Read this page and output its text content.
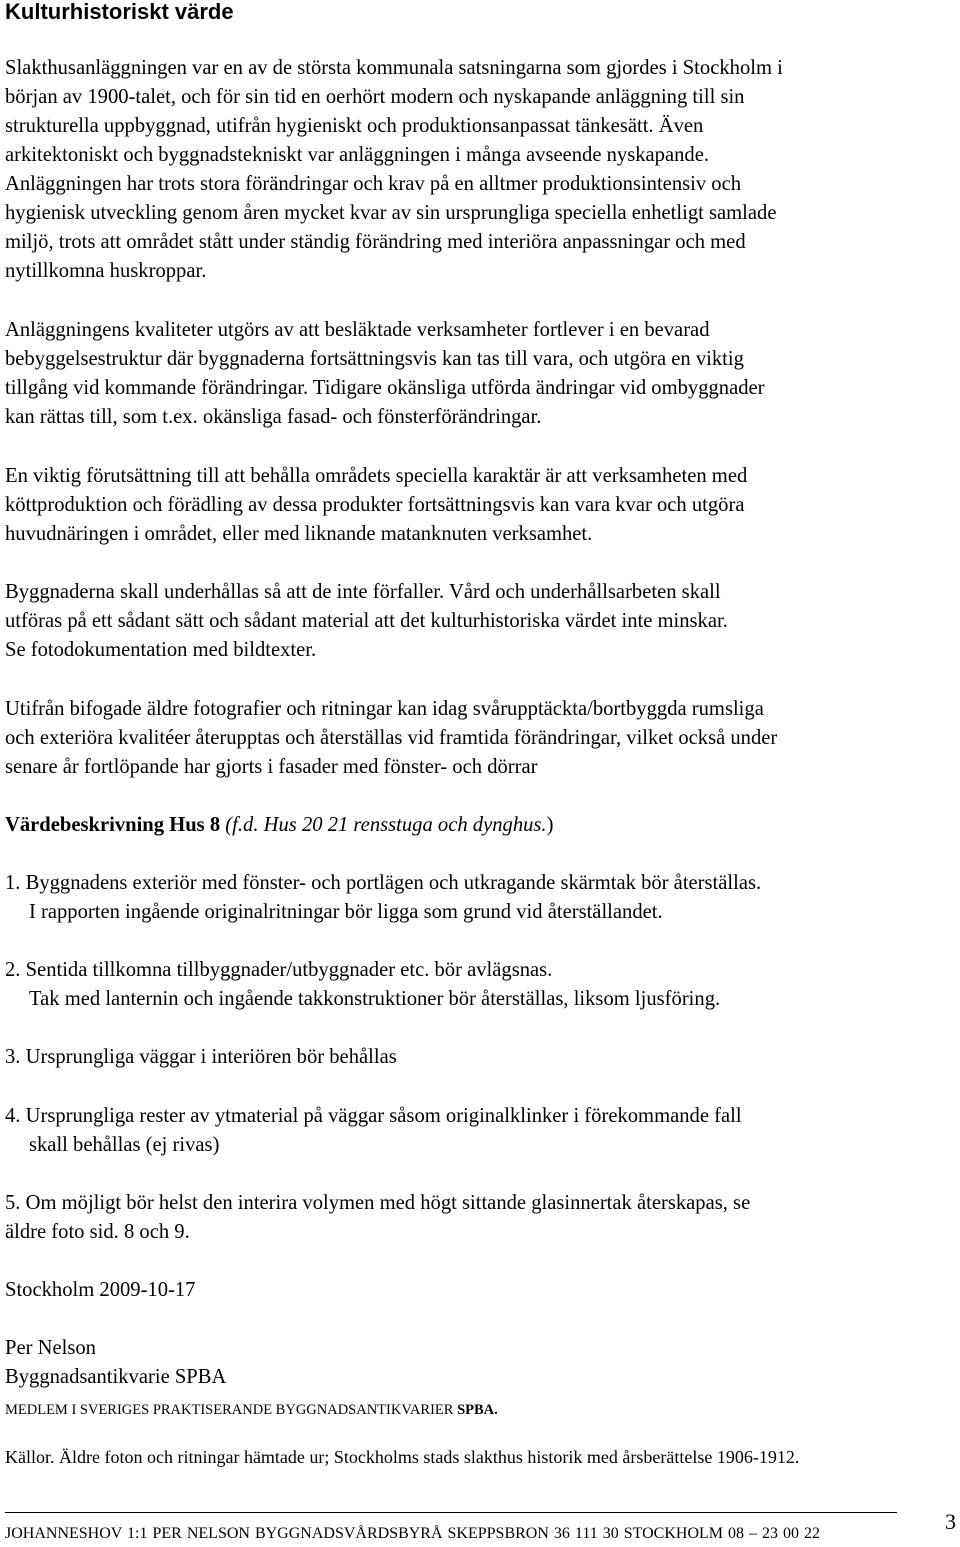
Kulturhistoriskt värde
Slakthusanläggningen var en av de största kommunala satsningarna som gjordes i Stockholm i
början av 1900-talet, och för sin tid en oerhört modern och nyskapande anläggning till sin
strukturella uppbyggnad, utifrån hygieniskt och produktionsanpassat tänkesätt. Även
arkitektoniskt och byggnadstekniskt var anläggningen i många avseende nyskapande.
Anläggningen har trots stora förändringar och krav på en alltmer produktionsintensiv och
hygienisk utveckling genom åren mycket kvar av sin ursprungliga speciella enhetligt samlade
miljö, trots att området stått under ständig förändring med interiöra anpassningar och med
nytillkomna huskroppar.
Anläggningens kvaliteter utgörs av att besläktade verksamheter fortlever i en bevarad
bebyggelsestruktur där byggnaderna fortsättningsvis kan tas till vara, och utgöra en viktig
tillgång vid kommande förändringar. Tidigare okänsliga utförda ändringar vid ombyggnader
kan rättas till, som t.ex. okänsliga fasad- och fönsterförändringar.
En viktig förutsättning till att behålla områdets speciella karaktär är att verksamheten med
köttproduktion och förädling av dessa produkter fortsättningsvis kan vara kvar och utgöra
huvudnäringen i området, eller med liknande matanknuten verksamhet.
Byggnaderna skall underhållas så att de inte förfaller. Vård och underhållsarbeten skall
utföras på ett sådant sätt och sådant material att det kulturhistoriska värdet inte minskar.
Se fotodokumentation med bildtexter.
Utifrån bifogade äldre fotografier och ritningar kan idag svårupptäckta/bortbyggda rumsliga
och exteriöra kvalitéer återupptas och återställas vid framtida förändringar, vilket också under
senare år fortlöpande har gjorts i fasader med fönster- och dörrar
Värdebeskrivning Hus 8 (f.d. Hus 20 21 rensstuga och dynghus.)
1. Byggnadens exteriör med fönster- och portlägen och utkragande skärmtak bör återställas.
I rapporten ingående originalritningar bör ligga som grund vid återställandet.
2. Sentida tillkomna tillbyggnader/utbyggnader etc. bör avlägsnas.
Tak med lanternin och ingående takkonstruktioner bör återställas, liksom ljusföring.
3. Ursprungliga väggar i interiören bör behållas
4. Ursprungliga rester av ytmaterial på väggar såsom originalklinker i förekommande fall
skall behållas (ej rivas)
5. Om möjligt bör helst den interira volymen med högt sittande glasinnertak återskapas, se
äldre foto sid. 8 och 9.
Stockholm 2009-10-17
Per Nelson
Byggnadsantikvarie SPBA

MEDLEM I SVERIGES PRAKTISERANDE BYGGNADSANTIKVARIER SPBA.

Källor. Äldre foton och ritningar hämtade ur; Stockholms stads slakthus historik med årsberättelse 1906-1912.

JOHANNESHOV 1:1 PER NELSON BYGGNADSVÅRDSBYRÅ SKEPPSBRON 36 111 30 STOCKHOLM 08 – 23 00 22	3
